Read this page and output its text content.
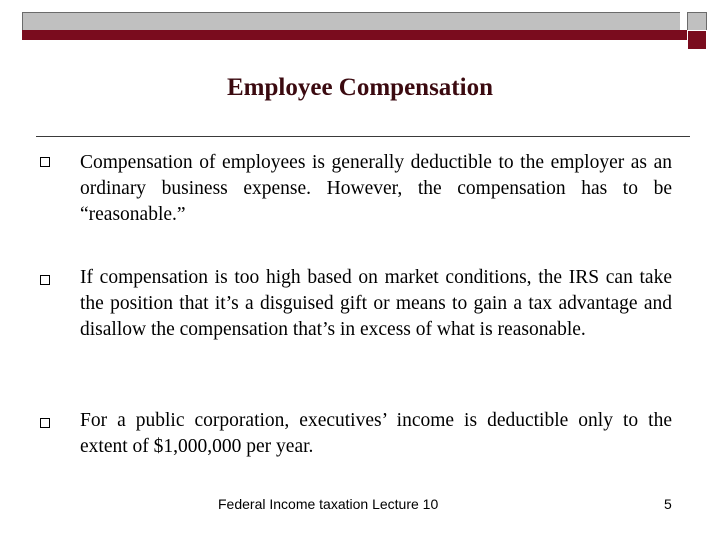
Employee Compensation
Compensation of employees is generally deductible to the employer as an ordinary business expense. However, the compensation has to be “reasonable.”
If compensation is too high based on market conditions, the IRS can take the position that it’s a disguised gift or means to gain a tax advantage and disallow the compensation that’s in excess of what is reasonable.
For a public corporation, executives’ income is deductible only to the extent of $1,000,000 per year.
Federal Income taxation Lecture 10	5
